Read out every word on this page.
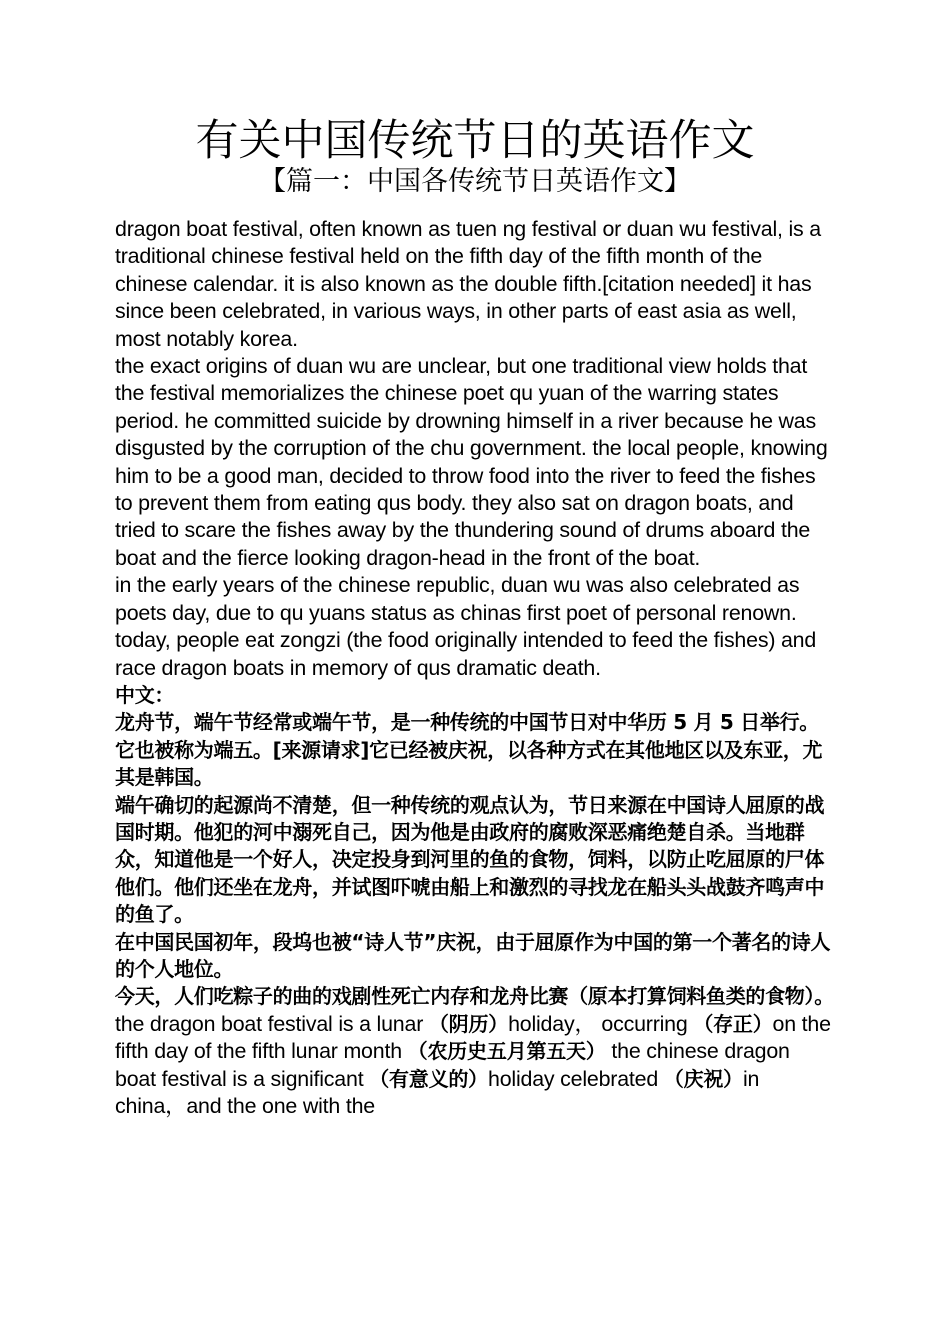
有关中国传统节日的英语作文
【篇一：中国各传统节日英语作文】

dragon boat festival, often known as tuen ng festival or duan wu festival, is a traditional chinese festival held on the fifth day of the fifth month of the chinese calendar. it is also known as the double fifth.[citation needed] it has since been celebrated, in various ways, in other parts of east asia as well, most notably korea.

the exact origins of duan wu are unclear, but one traditional view holds that the festival memorializes the chinese poet qu yuan of the warring states period. he committed suicide by drowning himself in a river because he was disgusted by the corruption of the chu government. the local people, knowing him to be a good man, decided to throw food into the river to feed the fishes to prevent them from eating qus body. they also sat on dragon boats, and tried to scare the fishes away by the thundering sound of drums aboard the boat and the fierce looking dragon-head in the front of the boat.

in the early years of the chinese republic, duan wu was also celebrated as poets day, due to qu yuans status as chinas first poet of personal renown.

today, people eat zongzi (the food originally intended to feed the fishes) and race dragon boats in memory of qus dramatic death.

中文：

龙舟节，端午节经常或端午节，是一种传统的中国节日对中华历 5 月 5 日举行。它也被称为端五。[来源请求]它已经被庆祝，以各种方式在其他地区以及东亚，尤其是韩国。

端午确切的起源尚不清楚，但一种传统的观点认为，节日来源在中国诗人屈原的战国时期。他犯的河中溺死自己，因为他是由政府的腐败深恶痛绝楚自杀。当地群众，知道他是一个好人，决定投身到河里的鱼的食物，饲料，以防止吃屈原的尸体他们。他们还坐在龙舟，并试图吓唬由船上和激烈的寻找龙在船头头战鼓齐鸣声中的鱼了。

在中国民国初年，段坞也被“诗人节”庆祝，由于屈原作为中国的第一个著名的诗人的个人地位。

今天，人们吃粽子的曲的戏剧性死亡内存和龙舟比赛（原本打算饲料鱼类的食物）。

the dragon boat festival is a lunar （阴历）holiday， occurring （存正）on the fifth day of the fifth lunar month （农历史五月第五天） the chinese dragon boat festival is a significant （有意义的）holiday celebrated （庆祝）in china，and the one with the
